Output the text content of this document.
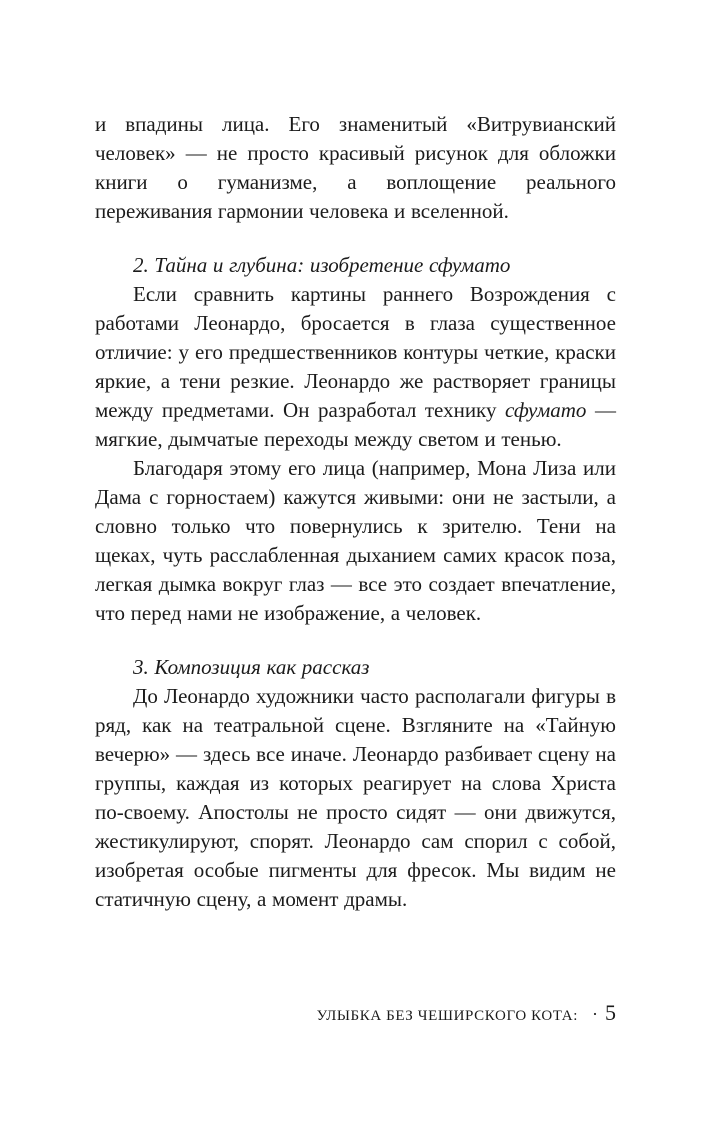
и впадины лица. Его знаменитый «Витрувианский человек» — не просто красивый рисунок для обложки книги о гуманизме, а воплощение реального переживания гармонии человека и вселенной.

2. Тайна и глубина: изобретение сфумато

Если сравнить картины раннего Возрождения с работами Леонардо, бросается в глаза существенное отличие: у его предшественников контуры четкие, краски яркие, а тени резкие. Леонардо же растворяет границы между предметами. Он разработал технику сфумато — мягкие, дымчатые переходы между светом и тенью.

Благодаря этому его лица (например, Мона Лиза или Дама с горностаем) кажутся живыми: они не застыли, а словно только что повернулись к зрителю. Тени на щеках, чуть расслабленная дыханием самих красок поза, легкая дымка вокруг глаз — все это создает впечатление, что перед нами не изображение, а человек.

3. Композиция как рассказ

До Леонардо художники часто располагали фигуры в ряд, как на театральной сцене. Взгляните на «Тайную вечерю» — здесь все иначе. Леонардо разбивает сцену на группы, каждая из которых реагирует на слова Христа по-своему. Апостолы не просто сидят — они движутся, жестикулируют, спорят. Леонардо сам спорил с собой, изобретая особые пигменты для фресок. Мы видим не статичную сцену, а момент драмы.

УЛЫБКА БЕЗ ЧЕШИРСКОГО КОТА: · 5
